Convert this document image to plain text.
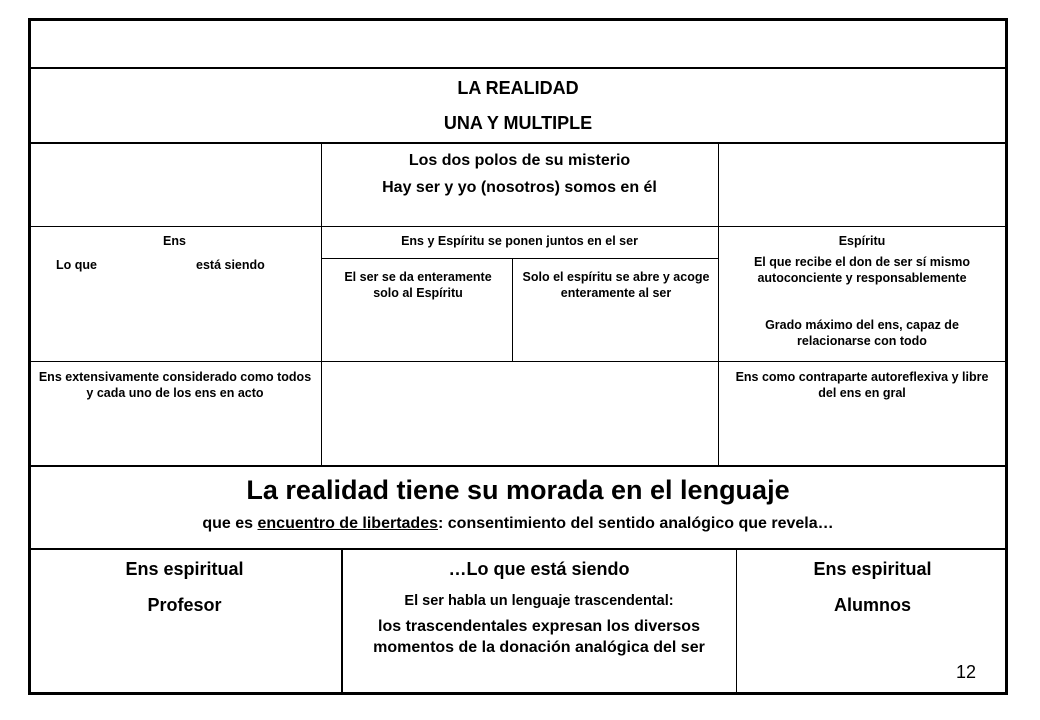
LA REALIDAD
UNA Y MULTIPLE
Los dos polos de su misterio
Hay ser y yo (nosotros) somos en él
Ens
Lo que	está siendo
Ens y Espíritu se ponen juntos en el ser
El ser se da enteramente solo al Espíritu
Solo el espíritu se abre y acoge enteramente al ser
Espíritu
El que recibe el don de ser sí mismo autoconciente y responsablemente
Grado máximo del ens, capaz de relacionarse con todo
Ens extensivamente considerado como todos y cada uno de los ens en acto
Ens como contraparte autoreflexiva y libre del ens en gral
La realidad tiene su morada en el lenguaje
que es encuentro de libertades: consentimiento del sentido analógico que revela…
Ens espiritual
Profesor
…Lo que está siendo
El ser habla un lenguaje trascendental:
los trascendentales expresan los diversos momentos de la donación analógica del ser
Ens espiritual
Alumnos
12
